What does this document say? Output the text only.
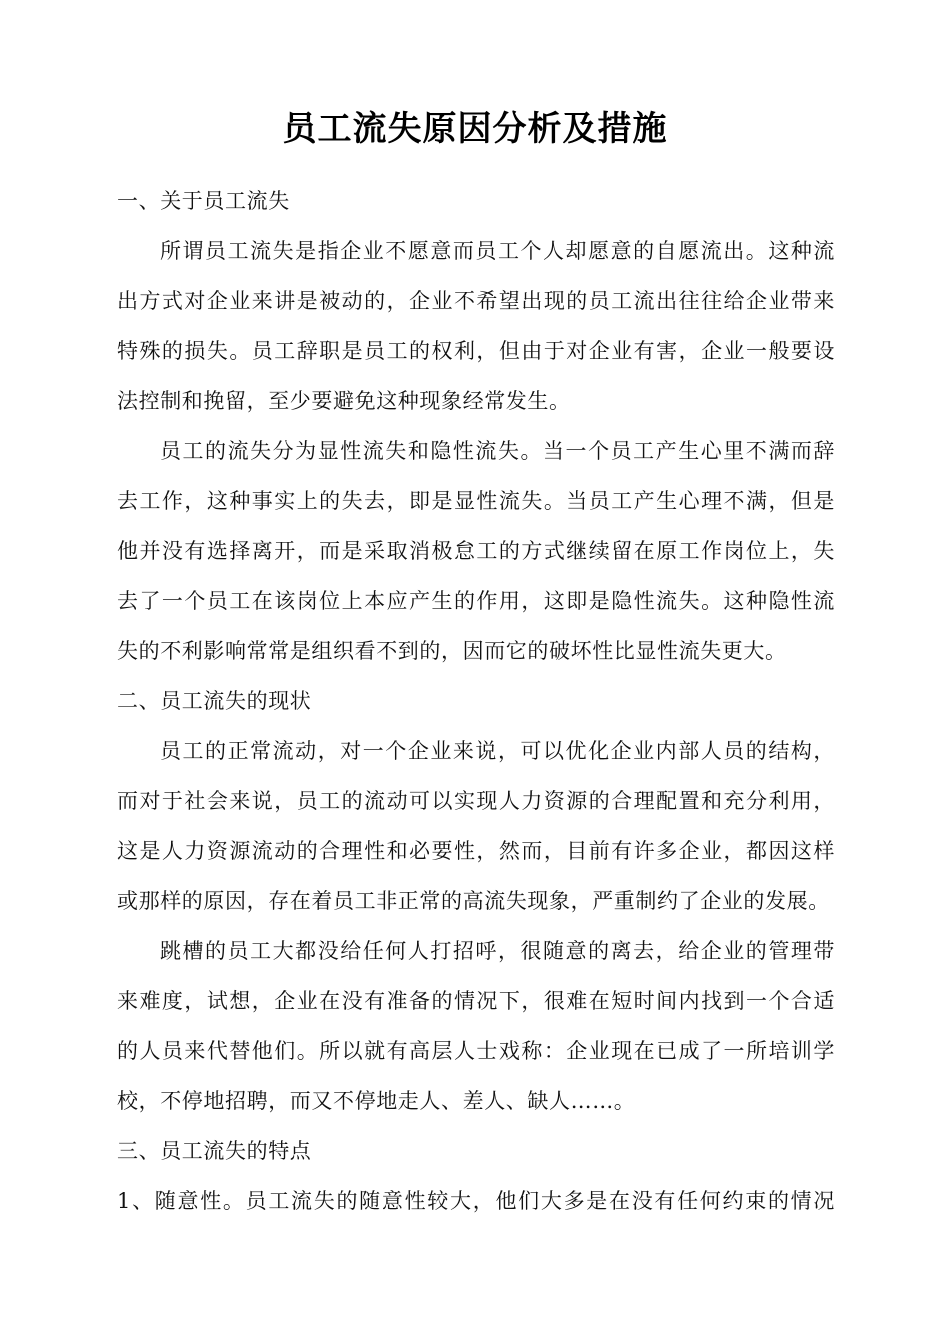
员工流失原因分析及措施
一、关于员工流失
所谓员工流失是指企业不愿意而员工个人却愿意的自愿流出。这种流
出方式对企业来讲是被动的，企业不希望出现的员工流出往往给企业带来
特殊的损失。员工辞职是员工的权利，但由于对企业有害，企业一般要设
法控制和挽留，至少要避免这种现象经常发生。
员工的流失分为显性流失和隐性流失。当一个员工产生心里不满而辞
去工作，这种事实上的失去，即是显性流失。当员工产生心理不满，但是
他并没有选择离开，而是采取消极怠工的方式继续留在原工作岗位上，失
去了一个员工在该岗位上本应产生的作用，这即是隐性流失。这种隐性流
失的不利影响常常是组织看不到的，因而它的破坏性比显性流失更大。
二、员工流失的现状
员工的正常流动，对一个企业来说，可以优化企业内部人员的结构，
而对于社会来说，员工的流动可以实现人力资源的合理配置和充分利用，
这是人力资源流动的合理性和必要性，然而，目前有许多企业，都因这样
或那样的原因，存在着员工非正常的高流失现象，严重制约了企业的发展。
跳槽的员工大都没给任何人打招呼，很随意的离去，给企业的管理带
来难度，试想，企业在没有准备的情况下，很难在短时间内找到一个合适
的人员来代替他们。所以就有高层人士戏称：企业现在已成了一所培训学
校，不停地招聘，而又不停地走人、差人、缺人……。
三、员工流失的特点
1、随意性。员工流失的随意性较大，他们大多是在没有任何约束的情况
